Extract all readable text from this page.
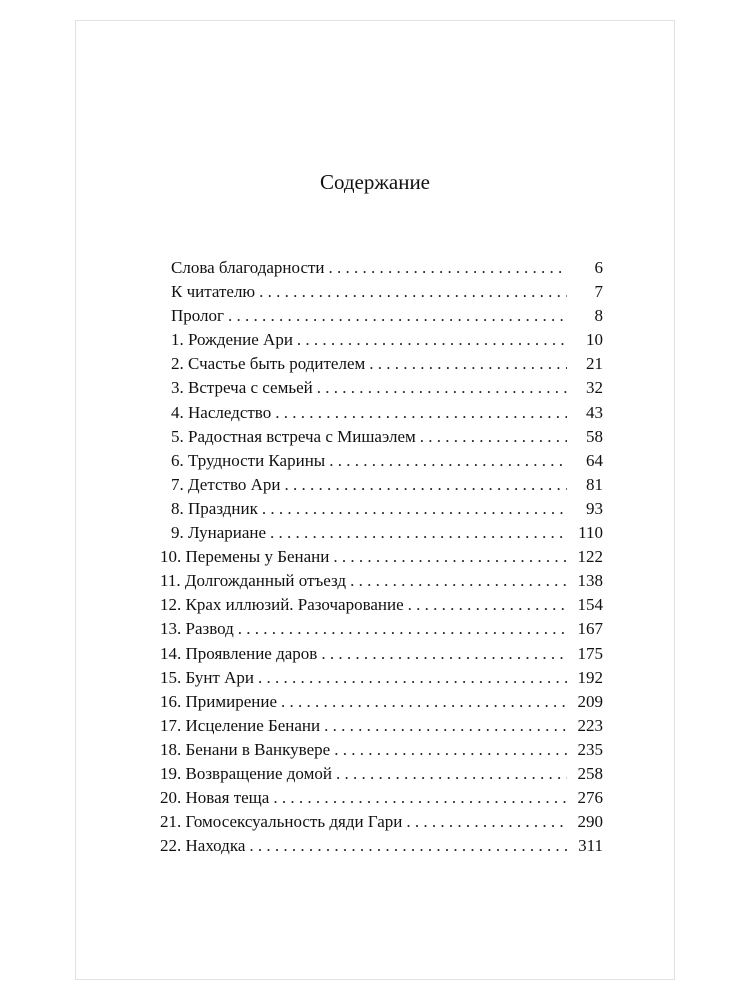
Содержание
Слова благодарности . . .	6
К читателю . . .	7
Пролог . . .	8
1. Рождение Ари . . .	10
2. Счастье быть родителем . . .	21
3. Встреча с семьей . . .	32
4. Наследство . . .	43
5. Радостная встреча с Мишаэлем . . .	58
6. Трудности Карины . . .	64
7. Детство Ари . . .	81
8. Праздник . . .	93
9. Лунариане . . .	110
10. Перемены у Бенани . . .	122
11. Долгожданный отъезд . . .	138
12. Крах иллюзий. Разочарование . . .	154
13. Развод . . .	167
14. Проявление даров . . .	175
15. Бунт Ари . . .	192
16. Примирение . . .	209
17. Исцеление Бенани . . .	223
18. Бенани в Ванкувере . . .	235
19. Возвращение домой . . .	258
20. Новая теща . . .	276
21. Гомосексуальность дяди Гари . . .	290
22. Находка . . .	311
